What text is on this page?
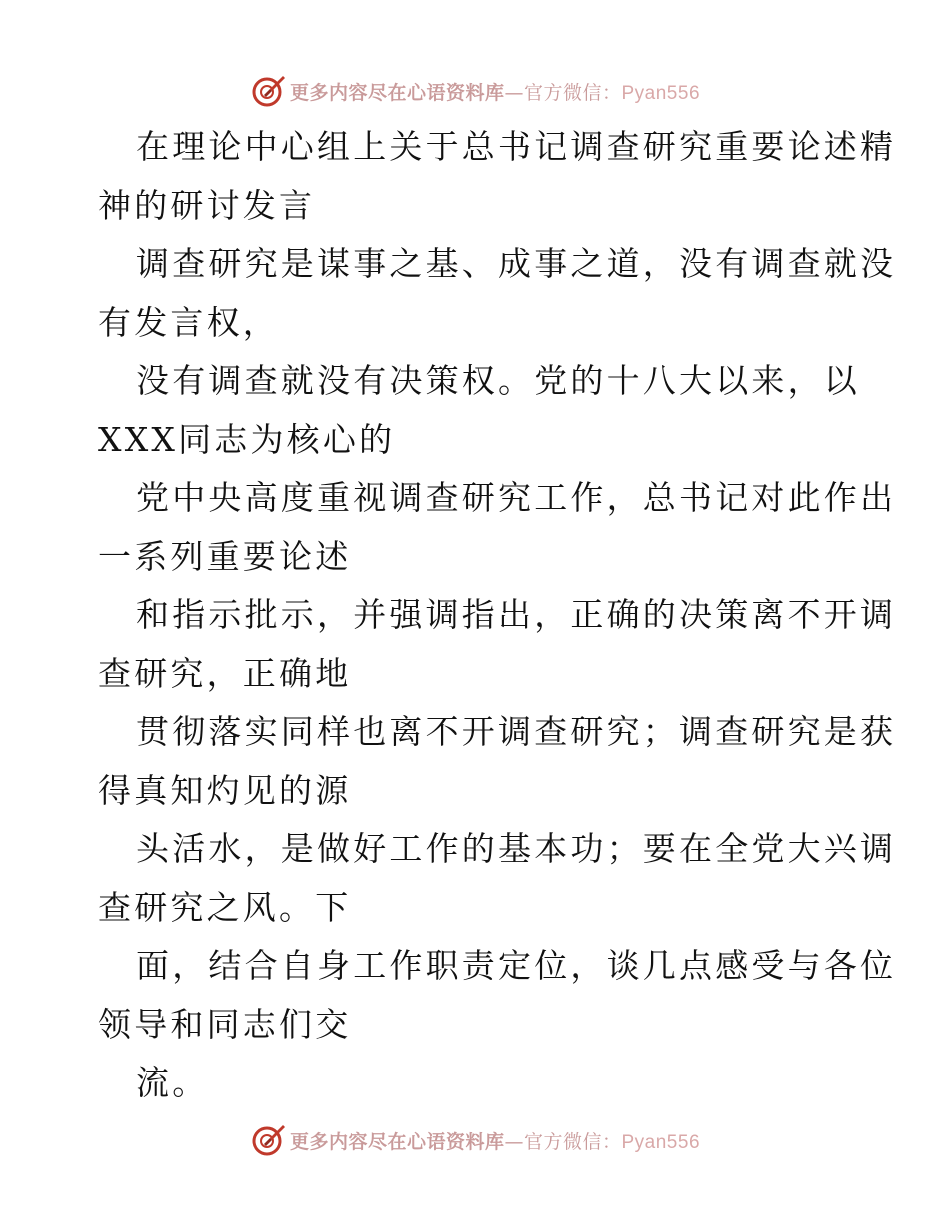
更多内容尽在心语资料库—官方微信：Pyan556
在理论中心组上关于总书记调查研究重要论述精
神的研讨发言
调查研究是谋事之基、成事之道，没有调查就没
有发言权，
没有调查就没有决策权。党的十八大以来，以
XXX同志为核心的
党中央高度重视调查研究工作，总书记对此作出
一系列重要论述
和指示批示，并强调指出，正确的决策离不开调
查研究，正确地
贯彻落实同样也离不开调查研究；调查研究是获
得真知灼见的源
头活水，是做好工作的基本功；要在全党大兴调
查研究之风。下
面，结合自身工作职责定位，谈几点感受与各位
领导和同志们交
流。
更多内容尽在心语资料库—官方微信：Pyan556
